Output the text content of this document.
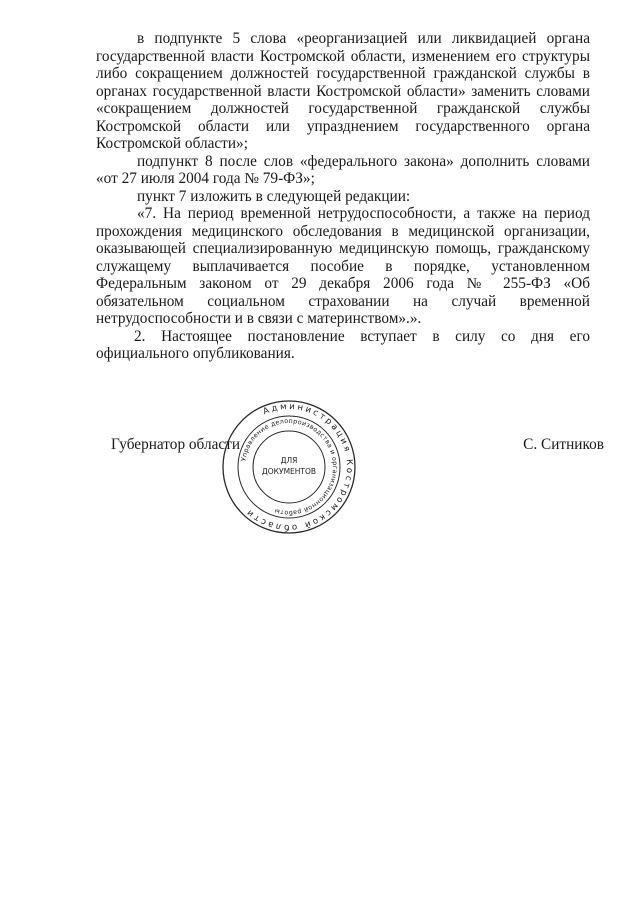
в подпункте 5 слова «реорганизацией или ликвидацией органа государственной власти Костромской области, изменением его структуры либо сокращением должностей государственной гражданской службы в органах государственной власти Костромской области» заменить словами «сокращением должностей государственной гражданской службы Костромской области или упразднением государственного органа Костромской области»;

подпункт 8 после слов «федерального закона» дополнить словами «от 27 июля 2004 года № 79-ФЗ»;

пункт 7 изложить в следующей редакции:

«7. На период временной нетрудоспособности, а также на период прохождения медицинского обследования в медицинской организации, оказывающей специализированную медицинскую помощь, гражданскому служащему выплачивается пособие в порядке, установленном Федеральным законом от 29 декабря 2006 года № 255-ФЗ «Об обязательном социальном страховании на случай временной нетрудоспособности и в связи с материнством».».

2. Настоящее постановление вступает в силу со дня его официального опубликования.

Губернатор области	С. Ситников
Администрация Костромской области
Управление делопроизводства и организационной работы
ДЛЯ
ДОКУМЕНТОВ
